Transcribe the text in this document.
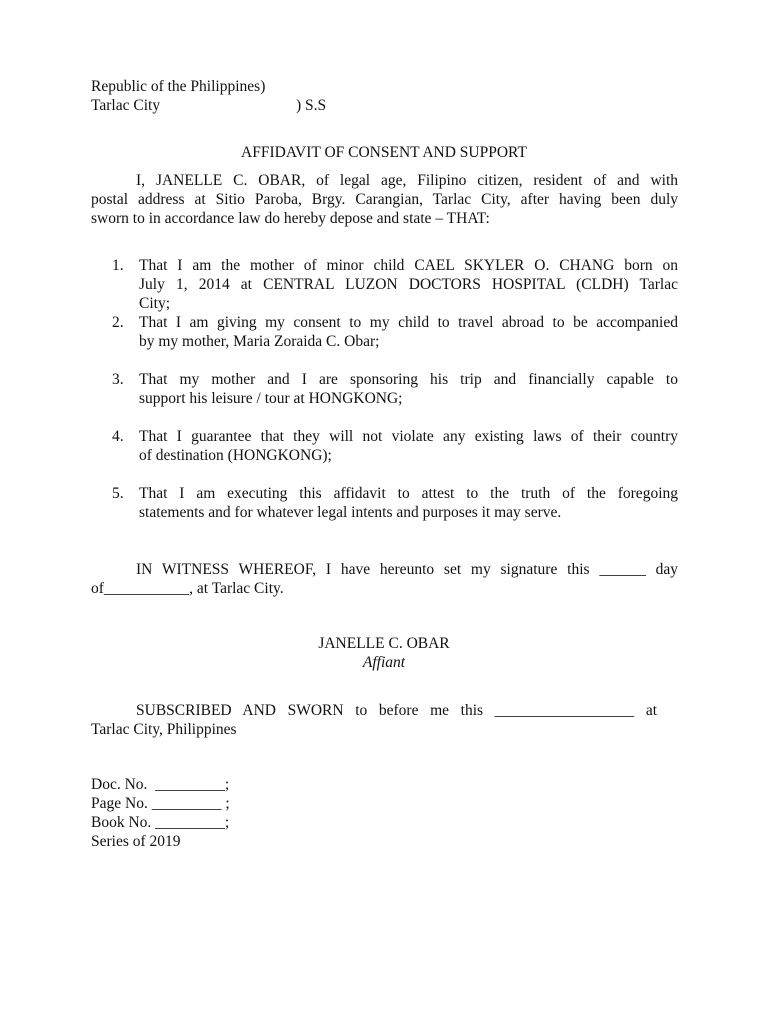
Republic of the Philippines)
Tarlac City	) S.S
AFFIDAVIT OF CONSENT AND SUPPORT
I, JANELLE C. OBAR, of legal age, Filipino citizen, resident of and with
postal address at Sitio Paroba, Brgy. Carangian, Tarlac City, after having been duly
sworn to in accordance law do hereby depose and state – THAT:
1. That I am the mother of minor child CAEL SKYLER O. CHANG born on
July 1, 2014 at CENTRAL LUZON DOCTORS HOSPITAL (CLDH) Tarlac
City;
2. That I am giving my consent to my child to travel abroad to be accompanied
by my mother, Maria Zoraida C. Obar;
3. That my mother and I are sponsoring his trip and financially capable to
support his leisure / tour at HONGKONG;
4. That I guarantee that they will not violate any existing laws of their country
of destination (HONGKONG);
5. That I am executing this affidavit to attest to the truth of the foregoing
statements and for whatever legal intents and purposes it may serve.
IN WITNESS WHEREOF, I have hereunto set my signature this ______ day
of___________, at Tarlac City.
JANELLE C. OBAR
Affiant
SUBSCRIBED AND SWORN to before me this __________________ at
Tarlac City, Philippines
Doc. No.  _________;
Page No. _________ ;
Book No. _________;
Series of 2019
